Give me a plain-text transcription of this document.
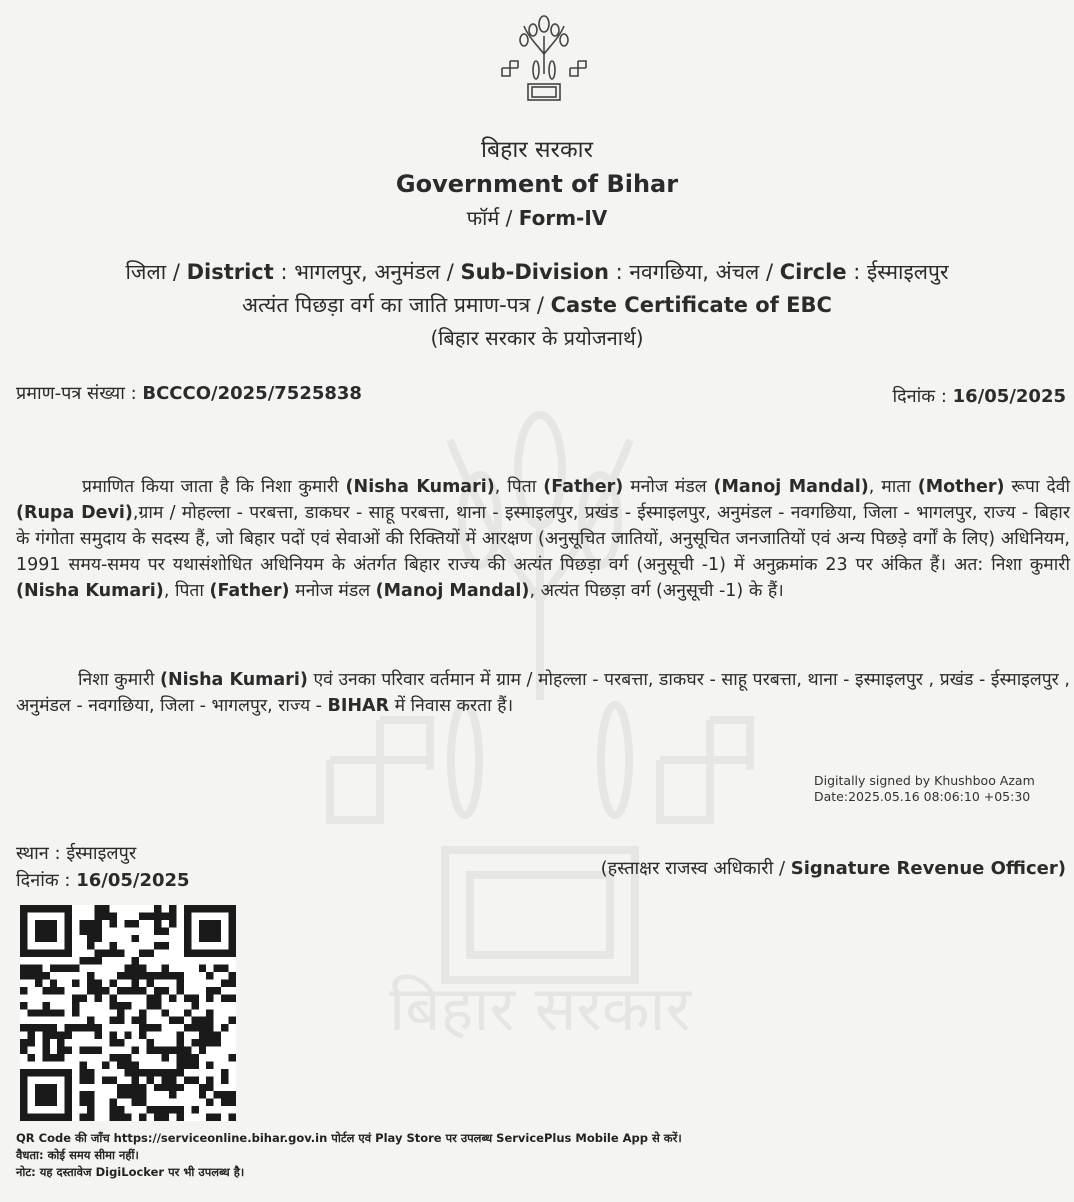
बिहार सरकार
बिहार सरकार
Government of Bihar
फॉर्म / Form-IV
जिला / District : भागलपुर, अनुमंडल / Sub-Division : नवगछिया, अंचल / Circle : ईस्माइलपुर
अत्यंत पिछड़ा वर्ग का जाति प्रमाण-पत्र / Caste Certificate of EBC
(बिहार सरकार के प्रयोजनार्थ)
प्रमाण-पत्र संख्या : BCCCO/2025/7525838	दिनांक : 16/05/2025
प्रमाणित किया जाता है कि निशा कुमारी (Nisha Kumari), पिता (Father) मनोज मंडल (Manoj Mandal), माता (Mother) रूपा देवी (Rupa Devi),ग्राम / मोहल्ला - परबत्ता, डाकघर - साहू परबत्ता, थाना - इस्माइलपुर, प्रखंड - ईस्माइलपुर, अनुमंडल - नवगछिया, जिला - भागलपुर, राज्य - बिहार के गंगोता समुदाय के सदस्य हैं, जो बिहार पदों एवं सेवाओं की रिक्तियों में आरक्षण (अनुसूचित जातियों, अनुसूचित जनजातियों एवं अन्य पिछड़े वर्गों के लिए) अधिनियम, 1991 समय-समय पर यथासंशोधित अधिनियम के अंतर्गत बिहार राज्य की अत्यंत पिछड़ा वर्ग (अनुसूची -1) में अनुक्रमांक 23 पर अंकित हैं। अत: निशा कुमारी (Nisha Kumari), पिता (Father) मनोज मंडल (Manoj Mandal), अत्यंत पिछड़ा वर्ग (अनुसूची -1) के हैं।
निशा कुमारी (Nisha Kumari) एवं उनका परिवार वर्तमान में ग्राम / मोहल्ला - परबत्ता, डाकघर - साहू परबत्ता, थाना - इस्माइलपुर , प्रखंड - ईस्माइलपुर , अनुमंडल - नवगछिया, जिला - भागलपुर, राज्य - BIHAR में निवास करता हैं।
Digitally signed by Khushboo Azam
Date:2025.05.16 08:06:10 +05:30
स्थान : ईस्माइलपुर
दिनांक : 16/05/2025
(हस्ताक्षर राजस्व अधिकारी / Signature Revenue Officer)
QR Code की जाँच https://serviceonline.bihar.gov.in पोर्टल एवं Play Store पर उपलब्ध ServicePlus Mobile App से करें।
वैधता: कोई समय सीमा नहीं।
नोट: यह दस्तावेज DigiLocker पर भी उपलब्ध है।
